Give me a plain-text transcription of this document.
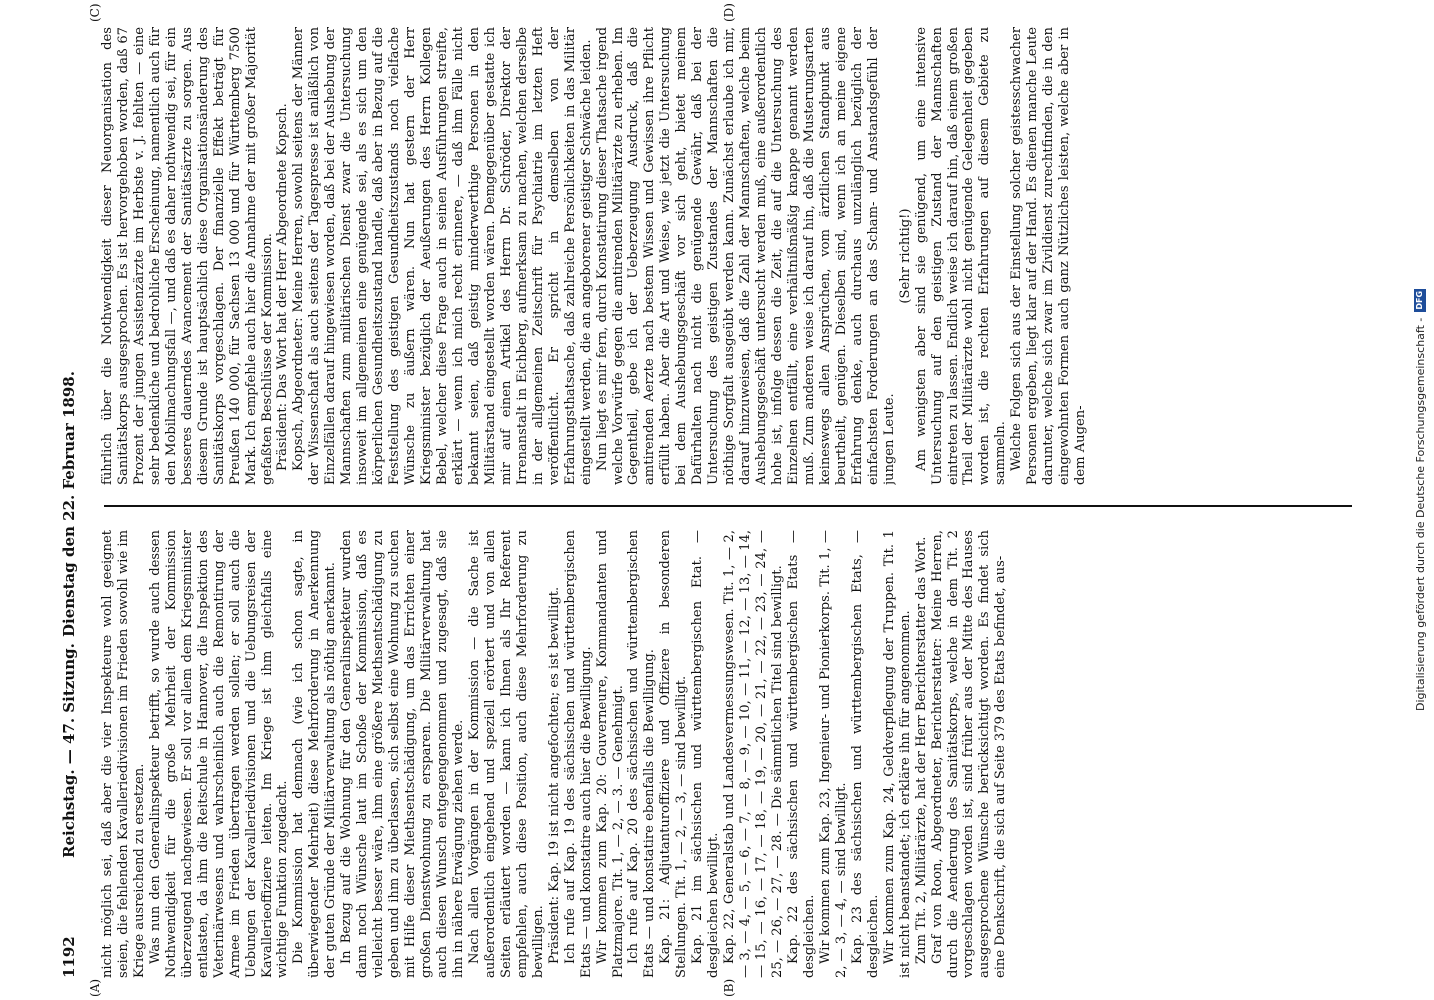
1192
Reichstag. — 47. Sitzung.
Dienstag den 22. Februar 1898.
(A)	(B)
(C)	(D)

nicht möglich sei, daß aber die vier Inspekteure wohl geeignet seien, die fehlenden Kavalleriedivisionen im Frieden sowohl wie im Kriege ausreichend zu ersetzen. Was nun den Generalinspekteur betrifft, so wurde auch dessen Nothwendigkeit für die große Mehrheit der Kommission überzeugend nachgewiesen. Er soll vor allem dem Kriegsminister entlasten, da ihm die Reitschule in Hannover, die Inspektion des Veterinärwesens und wahrscheinlich auch die Remontirung der Armee im Frieden übertragen werden sollen; er soll auch die Uebungen der Kavalleriedivisionen und die Uebungsreisen der Kavallerieoffiziere leiten. Im Kriege ist ihm gleichfalls eine wichtige Funktion zugedacht. Die Kommission hat demnach (wie ich schon sagte, in überwiegender Mehrheit) diese Mehrforderung in Anerkennung der guten Gründe der Militärverwaltung als nöthig anerkannt. In Bezug auf die Wohnung für den Generalinspekteur wurden dann noch Wünsche laut im Schoße der Kommission, daß es vielleicht besser wäre, ihm eine größere Miethsentschädigung zu geben und ihm zu überlassen, sich selbst eine Wohnung zu suchen mit Hilfe dieser Miethsentschädigung, um das Errichten einer großen Dienstwohnung zu ersparen. Die Militärverwaltung hat auch diesen Wunsch entgegengenommen und zugesagt, daß sie ihn in nähere Erwägung ziehen werde. Nach allen Vorgängen in der Kommission — die Sache ist außerordentlich eingehend und speziell erörtert und von allen Seiten erläutert worden — kann ich Ihnen als Ihr Referent empfehlen, auch diese Position, auch diese Mehrforderung zu bewilligen. Präsident: Kap. 19 ist nicht angefochten; es ist bewilligt. Ich rufe auf Kap. 19 des sächsischen und württembergischen Etats — und konstatire auch hier die Bewilligung. Wir kommen zum Kap. 20: Gouverneure, Kommandanten und Platzmajore. Tit. 1, — 2, — 3. — Genehmigt. Ich rufe auf Kap. 20 des sächsischen und württembergischen Etats — und konstatire ebenfalls die Bewilligung. Kap. 21: Adjutanturoffiziere und Offiziere in besonderen Stellungen. Tit. 1, — 2, — 3, — sind bewilligt. Kap. 21 im sächsischen und württembergischen Etat. — desgleichen bewilligt. Kap. 22, Generalstab und Landesvermessungswesen. Tit. 1, — 2, — 3, — 4, — 5, — 6, — 7, — 8, — 9, — 10, — 11, — 12, — 13, — 14, — 15, — 16, — 17, — 18, — 19, — 20, — 21, — 22, — 23, — 24, — 25, — 26, — 27, — 28. — Die sämmtlichen Titel sind bewilligt. Kap. 22 des sächsischen und württembergischen Etats — desgleichen. Wir kommen zum Kap. 23, Ingenieur- und Pionierkorps. Tit. 1, — 2, — 3, — 4, — sind bewilligt. Kap. 23 des sächsischen und württembergischen Etats, — desgleichen. Wir kommen zum Kap. 24, Geldverpflegung der Truppen. Tit. 1 ist nicht beanstandet; ich erkläre ihn für angenommen. Zum Tit. 2, Militärärzte, hat der Herr Berichterstatter das Wort. Graf von Roon, Abgeordneter, Berichterstatter: Meine Herren, durch die Aenderung des Sanitätskorps, welche in dem Tit. 2 vorgeschlagen worden ist, sind früher aus der Mitte des Hauses ausgesprochene Wünsche berücksichtigt worden. Es findet sich eine Denkschrift, die sich auf Seite 379 des Etats befindet, aus-

führlich über die Nothwendigkeit dieser Neuorganisation des Sanitätskorps ausgesprochen. Es ist hervorgehoben worden, daß 67 Prozent der jungen Assistenzärzte im Herbste v. J. fehlten — eine sehr bedenkliche und bedrohliche Erscheinung, namentlich auch für den Mobilmachungsfall —, und daß es daher nothwendig sei, für ein besseres dauerndes Avancement der Sanitätsärzte zu sorgen. Aus diesem Grunde ist hauptsächlich diese Organisationsänderung des Sanitätskorps vorgeschlagen. Der finanzielle Effekt beträgt für Preußen 140 000, für Sachsen 13 000 und für Württemberg 7500 Mark. Ich empfehle auch hier die Annahme der mit großer Majorität gefaßten Beschlüsse der Kommission. Präsident: Das Wort hat der Herr Abgeordnete Kopsch. Kopsch, Abgeordneter: Meine Herren, sowohl seitens der Männer der Wissenschaft als auch seitens der Tagespresse ist anläßlich von Einzelfällen darauf hingewiesen worden, daß bei der Aushebung der Mannschaften zum militärischen Dienst zwar die Untersuchung insoweit im allgemeinen eine genügende sei, als es sich um den körperlichen Gesundheitszustand handle, daß aber in Bezug auf die Feststellung des geistigen Gesundheitszustands noch vielfache Wünsche zu äußern wären. Nun hat gestern der Herr Kriegsminister bezüglich der Aeußerungen des Herrn Kollegen Bebel, welcher diese Frage auch in seinen Ausführungen streifte, erklärt — wenn ich mich recht erinnere, — daß ihm Fälle nicht bekannt seien, daß geistig minderwerthige Personen in den Militärstand eingestellt worden wären. Demgegenüber gestatte ich mir auf einen Artikel des Herrn Dr. Schröder, Direktor der Irrenanstalt in Eichberg, aufmerksam zu machen, welchen derselbe in der allgemeinen Zeitschrift für Psychiatrie im letzten Heft veröffentlicht. Er spricht in demselben von der Erfahrungsthatsache, daß zahlreiche Persönlichkeiten in das Militär eingestellt werden, die an angeborener geistiger Schwäche leiden. Nun liegt es mir fern, durch Konstatirung dieser Thatsache irgend welche Vorwürfe gegen die amtirenden Militärärzte zu erheben. Im Gegentheil, gebe ich der Ueberzeugung Ausdruck, daß die amtirenden Aerzte nach bestem Wissen und Gewissen ihre Pflicht erfüllt haben. Aber die Art und Weise, wie jetzt die Untersuchung bei dem Aushebungsgeschäft vor sich geht, bietet meinem Dafürhalten nach nicht die genügende Gewähr, daß bei der Untersuchung des geistigen Zustandes der Mannschaften die nöthige Sorgfalt ausgeübt werden kann. Zunächst erlaube ich mir, darauf hinzuweisen, daß die Zahl der Mannschaften, welche beim Aushebungsgeschäft untersucht werden muß, eine außerordentlich hohe ist, infolge dessen die Zeit, die auf die Untersuchung des Einzelnen entfällt, eine verhältnißmäßig knappe genannt werden muß. Zum anderen weise ich darauf hin, daß die Musterungsarten keineswegs allen Ansprüchen, vom ärztlichen Standpunkt aus beurtheilt, genügen. Dieselben sind, wenn ich an meine eigene Erfahrung denke, auch durchaus unzulänglich bezüglich der einfachsten Forderungen an das Scham- und Anstandsgefühl der jungen Leute.

(Sehr richtig!) Am wenigsten aber sind sie genügend, um eine intensive Untersuchung auf den geistigen Zustand der Mannschaften eintreten zu lassen. Endlich weise ich darauf hin, daß einem großen Theil der Militärärzte wohl nicht genügende Gelegenheit gegeben worden ist, die rechten Erfahrungen auf diesem Gebiete zu sammeln. Welche Folgen sich aus der Einstellung solcher geistesschwacher Personen ergeben, liegt klar auf der Hand. Es dienen manche Leute darunter, welche sich zwar im Zivildienst zurechtfinden, die in den eingewohnten Formen auch ganz Nützliches leisten, welche aber in dem Augen-	Digitalisierung gefördert durch die Deutsche Forschungsgemeinschaft -DFG
